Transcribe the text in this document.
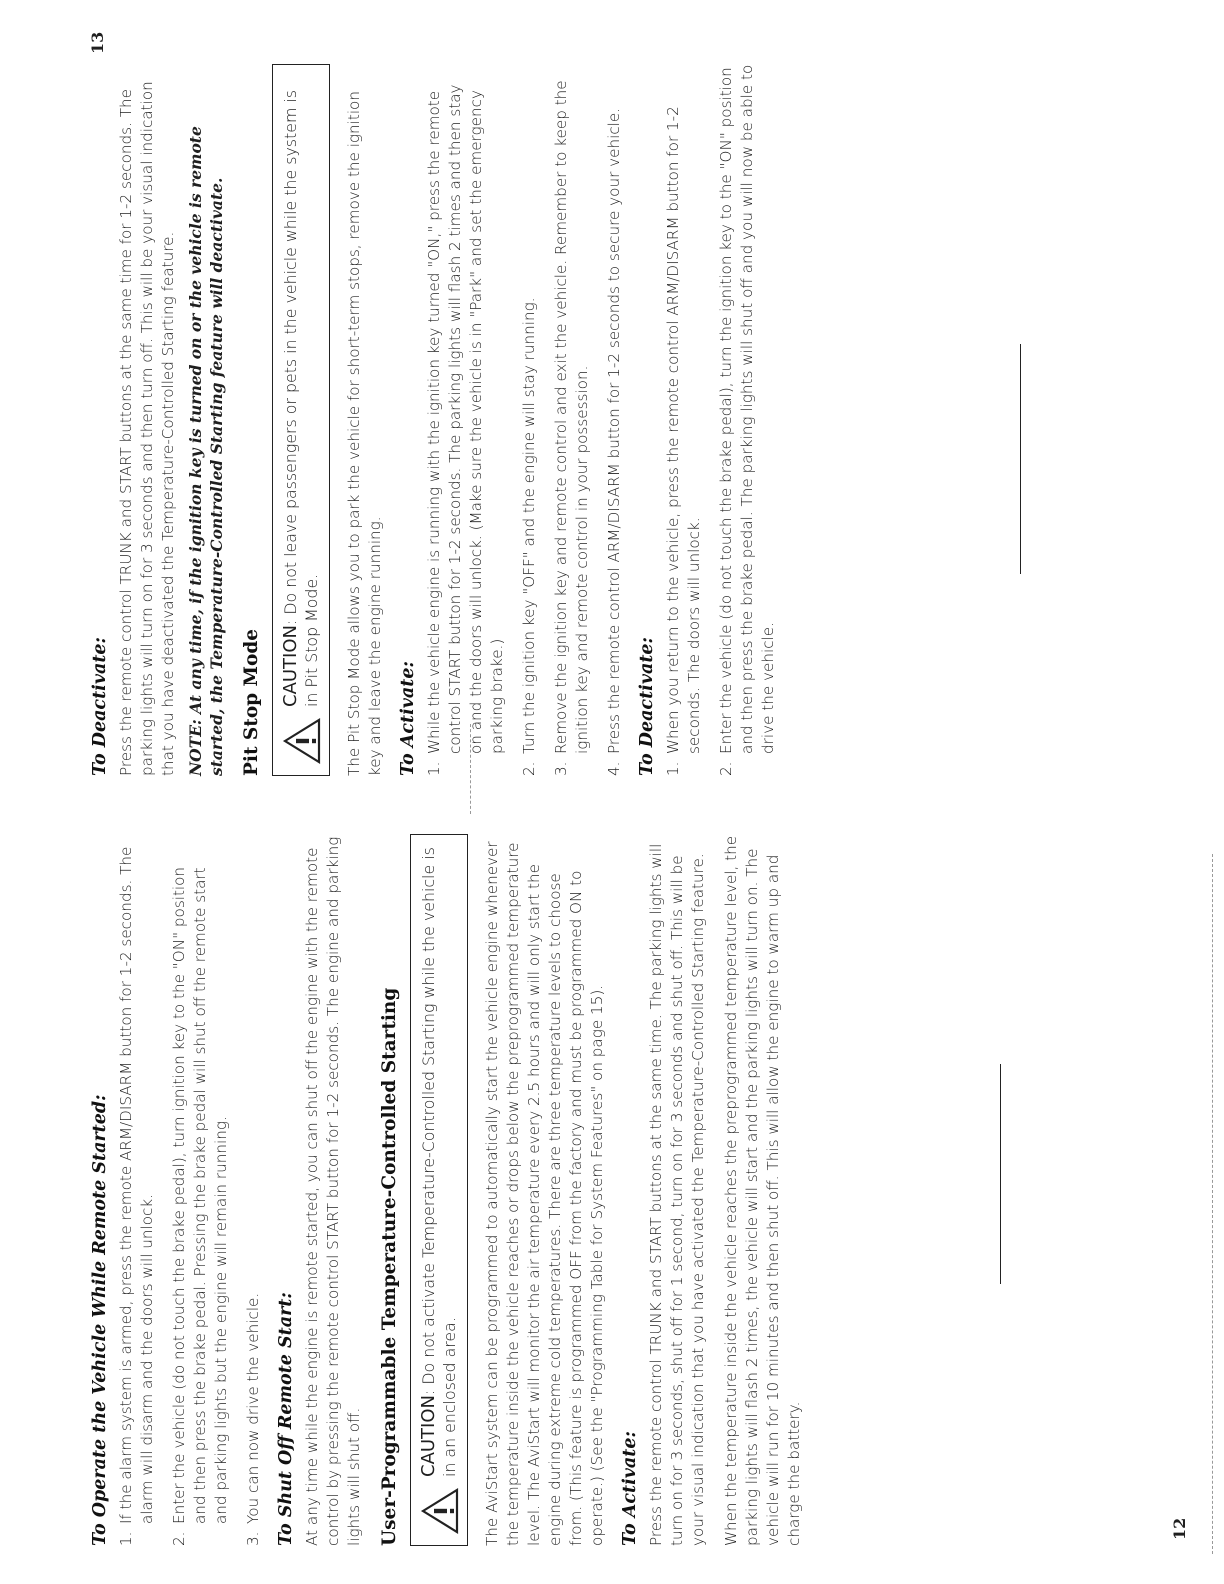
To Operate the Vehicle While Remote Started: 1.
If the alarm system is armed, press the remote ARM/DISARM button for 1-2 seconds. The alarm will disarm and the doors will unlock.
2.
Enter the vehicle (do not touch the brake pedal), turn ignition key to the "ON" position and then press the brake pedal. Pressing the brake pedal will shut off the remote start and parking lights but the engine will remain running.
3.
You can now drive the vehicle. To Shut Off Remote Start: At any time while the engine is remote started, you can shut off the engine with the remote control by pressing the remote control START button for 1-2 seconds. The engine and parking lights will shut off. User-Programmable Temperature-Controlled Starting CAUTION: Do not activate Temperature-Controlled Starting while the vehicle is in an enclosed area. The AviStart system can be programmed to automatically start the vehicle engine whenever the temperature inside the vehicle reaches or drops below the preprogrammed temperature level. The AviStart will monitor the air temperature every 2.5 hours and will only start the engine during extreme cold temperatures. There are three temperature levels to choose from. (This feature is programmed OFF from the factory and must be programmed ON to operate.) (See the "Programming Table for System Features" on page 15). To Activate: Press the remote control TRUNK and START buttons at the same time. The parking lights will turn on for 3 seconds, shut off for 1 second, turn on for 3 seconds and shut off. This will be your visual indication that you have activated the Temperature-Controlled Starting feature. When the temperature inside the vehicle reaches the preprogrammed temperature level, the parking lights will flash 2 times, the vehicle will start and the parking lights will turn on. The vehicle will run for 10 minutes and then shut off. This will allow the engine to warm up and charge the battery.

To Deactivate: Press the remote control TRUNK and START buttons at the same time for 1-2 seconds. The parking lights will turn on for 3 seconds and then turn off. This will be your visual indication that you have deactivated the Temperature-Controlled Starting feature. NOTE: At any time, if the ignition key is turned on or the vehicle is remote started, the Temperature-Controlled Starting feature will deactivate. Pit Stop Mode CAUTION: Do not leave passengers or pets in the vehicle while the system is in Pit Stop Mode. The Pit Stop Mode allows you to park the vehicle for short-term stops, remove the ignition key and leave the engine running. To Activate: 1.
While the vehicle engine is running with the ignition key turned "ON," press the remote control START button for 1-2 seconds. The parking lights will flash 2 times and then stay on and the doors will unlock. (Make sure the vehicle is in "Park" and set the emergency parking brake.)
2.
Turn the ignition key "OFF" and the engine will stay running.
3.
Remove the ignition key and remote control and exit the vehicle. Remember to keep the ignition key and remote control in your possession.
4.
Press the remote control ARM/DISARM button for 1-2 seconds to secure your vehicle. To Deactivate: 1.
When you return to the vehicle, press the remote control ARM/DISARM button for 1-2 seconds. The doors will unlock.
2.
Enter the vehicle (do not touch the brake pedal), turn the ignition key to the "ON" position and then press the brake pedal. The parking lights will shut off and you will now be able to drive the vehicle.
12
13
